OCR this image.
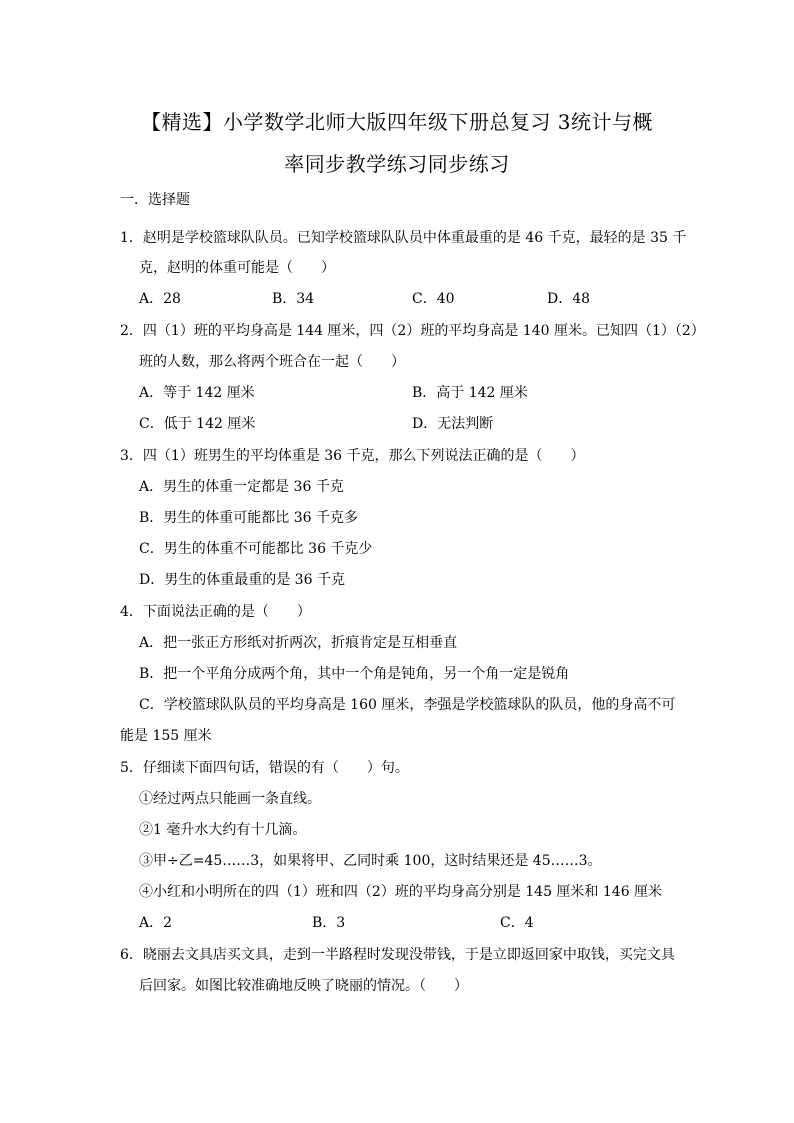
【精选】小学数学北师大版四年级下册总复习 3统计与概
率同步教学练习同步练习
一．选择题
1．赵明是学校篮球队队员。已知学校篮球队队员中体重最重的是 46 千克，最轻的是 35 千
克，赵明的体重可能是（　　）
A．28	B．34	C．40	D．48
2．四（1）班的平均身高是 144 厘米，四（2）班的平均身高是 140 厘米。已知四（1）（2）
班的人数，那么将两个班合在一起（　　）
A．等于 142 厘米	B．高于 142 厘米
C．低于 142 厘米	D．无法判断
3．四（1）班男生的平均体重是 36 千克，那么下列说法正确的是（　　）
A．男生的体重一定都是 36 千克
B．男生的体重可能都比 36 千克多
C．男生的体重不可能都比 36 千克少
D．男生的体重最重的是 36 千克
4．下面说法正确的是（　　）
A．把一张正方形纸对折两次，折痕肯定是互相垂直
B．把一个平角分成两个角，其中一个角是钝角，另一个角一定是锐角
C．学校篮球队队员的平均身高是 160 厘米，李强是学校篮球队的队员，他的身高不可
能是 155 厘米
5．仔细读下面四句话，错误的有（　　）句。
①经过两点只能画一条直线。
②1 毫升水大约有十几滴。
③甲÷乙=45……3，如果将甲、乙同时乘 100，这时结果还是 45……3。
④小红和小明所在的四（1）班和四（2）班的平均身高分别是 145 厘米和 146 厘米
A．2	B．3	C．4
6．晓丽去文具店买文具，走到一半路程时发现没带钱，于是立即返回家中取钱，买完文具
后回家。如图比较准确地反映了晓丽的情况。（　　）
